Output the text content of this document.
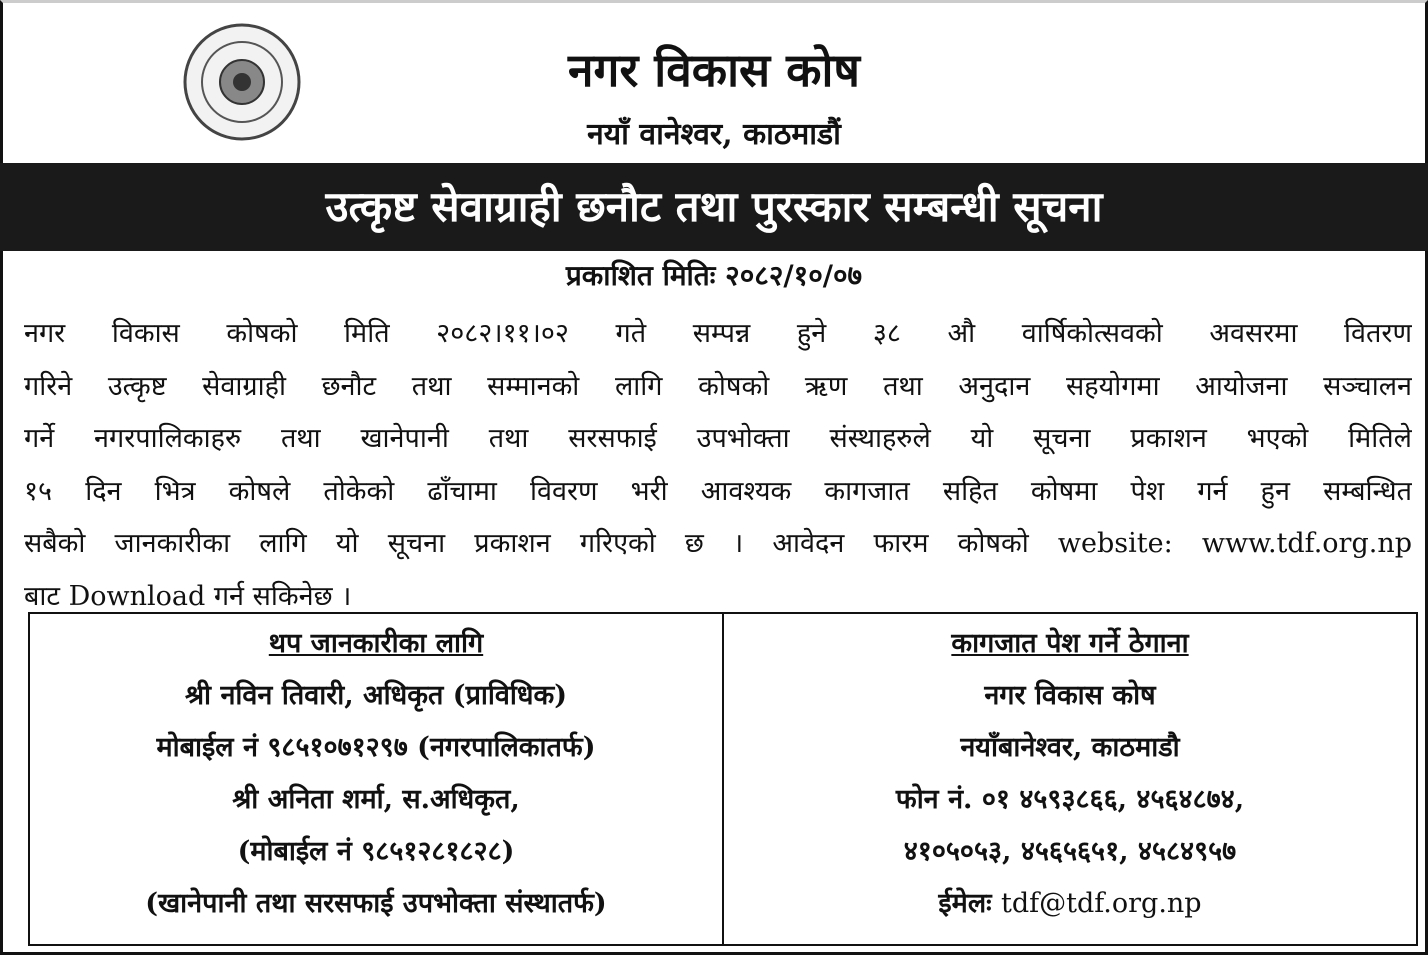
नगर विकास कोष
नयाँ वानेश्वर, काठमाडौं
उत्कृष्ट सेवाग्राही छनौट तथा पुरस्कार सम्बन्धी सूचना
प्रकाशित मितिः २०८२/१०/०७
नगर विकास कोषको मिति २०८२।११।०२ गते सम्पन्न हुने ३८ औ वार्षिकोत्सवको अवसरमा वितरण
गरिने उत्कृष्ट सेवाग्राही छनौट तथा सम्मानको लागि कोषको ऋण तथा अनुदान सहयोगमा आयोजना सञ्चालन
गर्ने नगरपालिकाहरु तथा खानेपानी तथा सरसफाई उपभोक्ता संस्थाहरुले यो सूचना प्रकाशन भएको मितिले
१५ दिन भित्र कोषले तोकेको ढाँचामा विवरण भरी आवश्यक कागजात सहित कोषमा पेश गर्न हुन सम्बन्धित
सबैको जानकारीका लागि यो सूचना प्रकाशन गरिएको छ । आवेदन फारम कोषको website: www.tdf.org.np
बाट Download गर्न सकिनेछ ।
थप जानकारीका लागि
श्री नविन तिवारी, अधिकृत (प्राविधिक)
मोबाईल नं ९८५१०७१२९७ (नगरपालिकातर्फ)
श्री अनिता शर्मा, स.अधिकृत,
(मोबाईल नं ९८५१२८१८२८)
(खानेपानी तथा सरसफाई उपभोक्ता संस्थातर्फ)
कागजात पेश गर्ने ठेगाना
नगर विकास कोष
नयाँबानेश्वर, काठमाडौ
फोन नं. ०१ ४५९३८६६, ४५६४८७४,
४१०५०५३, ४५६५६५१, ४५८४९५७
ईमेलः tdf@tdf.org.np
